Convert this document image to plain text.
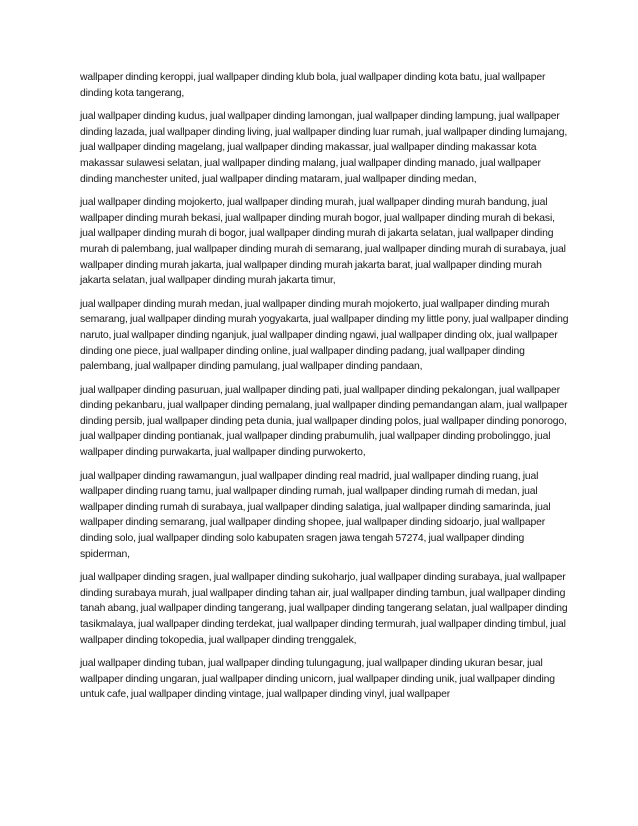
wallpaper dinding keroppi, jual wallpaper dinding klub bola, jual wallpaper dinding kota batu, jual wallpaper dinding kota tangerang,

jual wallpaper dinding kudus, jual wallpaper dinding lamongan, jual wallpaper dinding lampung, jual wallpaper dinding lazada, jual wallpaper dinding living, jual wallpaper dinding luar rumah, jual wallpaper dinding lumajang, jual wallpaper dinding magelang, jual wallpaper dinding makassar, jual wallpaper dinding makassar kota makassar sulawesi selatan, jual wallpaper dinding malang, jual wallpaper dinding manado, jual wallpaper dinding manchester united, jual wallpaper dinding mataram, jual wallpaper dinding medan,

jual wallpaper dinding mojokerto, jual wallpaper dinding murah, jual wallpaper dinding murah bandung, jual wallpaper dinding murah bekasi, jual wallpaper dinding murah bogor, jual wallpaper dinding murah di bekasi, jual wallpaper dinding murah di bogor, jual wallpaper dinding murah di jakarta selatan, jual wallpaper dinding murah di palembang, jual wallpaper dinding murah di semarang, jual wallpaper dinding murah di surabaya, jual wallpaper dinding murah jakarta, jual wallpaper dinding murah jakarta barat, jual wallpaper dinding murah jakarta selatan, jual wallpaper dinding murah jakarta timur,

jual wallpaper dinding murah medan, jual wallpaper dinding murah mojokerto, jual wallpaper dinding murah semarang, jual wallpaper dinding murah yogyakarta, jual wallpaper dinding my little pony, jual wallpaper dinding naruto, jual wallpaper dinding nganjuk, jual wallpaper dinding ngawi, jual wallpaper dinding olx, jual wallpaper dinding one piece, jual wallpaper dinding online, jual wallpaper dinding padang, jual wallpaper dinding palembang, jual wallpaper dinding pamulang, jual wallpaper dinding pandaan,

jual wallpaper dinding pasuruan, jual wallpaper dinding pati, jual wallpaper dinding pekalongan, jual wallpaper dinding pekanbaru, jual wallpaper dinding pemalang, jual wallpaper dinding pemandangan alam, jual wallpaper dinding persib, jual wallpaper dinding peta dunia, jual wallpaper dinding polos, jual wallpaper dinding ponorogo, jual wallpaper dinding pontianak, jual wallpaper dinding prabumulih, jual wallpaper dinding probolinggo, jual wallpaper dinding purwakarta, jual wallpaper dinding purwokerto,

jual wallpaper dinding rawamangun, jual wallpaper dinding real madrid, jual wallpaper dinding ruang, jual wallpaper dinding ruang tamu, jual wallpaper dinding rumah, jual wallpaper dinding rumah di medan, jual wallpaper dinding rumah di surabaya, jual wallpaper dinding salatiga, jual wallpaper dinding samarinda, jual wallpaper dinding semarang, jual wallpaper dinding shopee, jual wallpaper dinding sidoarjo, jual wallpaper dinding solo, jual wallpaper dinding solo kabupaten sragen jawa tengah 57274, jual wallpaper dinding spiderman,

jual wallpaper dinding sragen, jual wallpaper dinding sukoharjo, jual wallpaper dinding surabaya, jual wallpaper dinding surabaya murah, jual wallpaper dinding tahan air, jual wallpaper dinding tambun, jual wallpaper dinding tanah abang, jual wallpaper dinding tangerang, jual wallpaper dinding tangerang selatan, jual wallpaper dinding tasikmalaya, jual wallpaper dinding terdekat, jual wallpaper dinding termurah, jual wallpaper dinding timbul, jual wallpaper dinding tokopedia, jual wallpaper dinding trenggalek,

jual wallpaper dinding tuban, jual wallpaper dinding tulungagung, jual wallpaper dinding ukuran besar, jual wallpaper dinding ungaran, jual wallpaper dinding unicorn, jual wallpaper dinding unik, jual wallpaper dinding untuk cafe, jual wallpaper dinding vintage, jual wallpaper dinding vinyl, jual wallpaper
